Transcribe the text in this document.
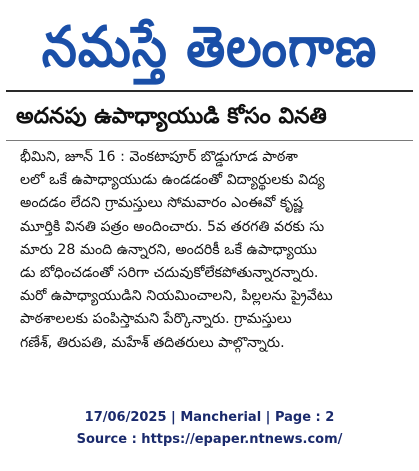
నమస్తే తెలంగాణ
అదనపు ఉపాధ్యాయుడి కోసం వినతి
భీమిని, జూన్ 16 : వెంకటాపూర్ బొడ్డుగూడ పాఠశా
లలో ఒకే ఉపాధ్యాయుడు ఉండడంతో విద్యార్థులకు విద్య
అందడం లేదని గ్రామస్తులు సోమవారం ఎంఈవో కృష్ణ
మూర్తికి వినతి పత్రం అందించారు. 5వ తరగతి వరకు సు
మారు 28 మంది ఉన్నారని, అందరికీ ఒకే ఉపాధ్యాయు
డు బోధించడంతో సరిగా చదువుకోలేకపోతున్నారన్నారు.
మరో ఉపాధ్యాయుడిని నియమించాలని, పిల్లలను ప్రైవేటు
పాఠశాలలకు పంపిస్తామని పేర్కొన్నారు. గ్రామస్తులు
గణేశ్, తిరుపతి, మహేశ్ తదితరులు పాల్గొన్నారు.
17/06/2025 | Mancherial | Page : 2
Source : https://epaper.ntnews.com/
